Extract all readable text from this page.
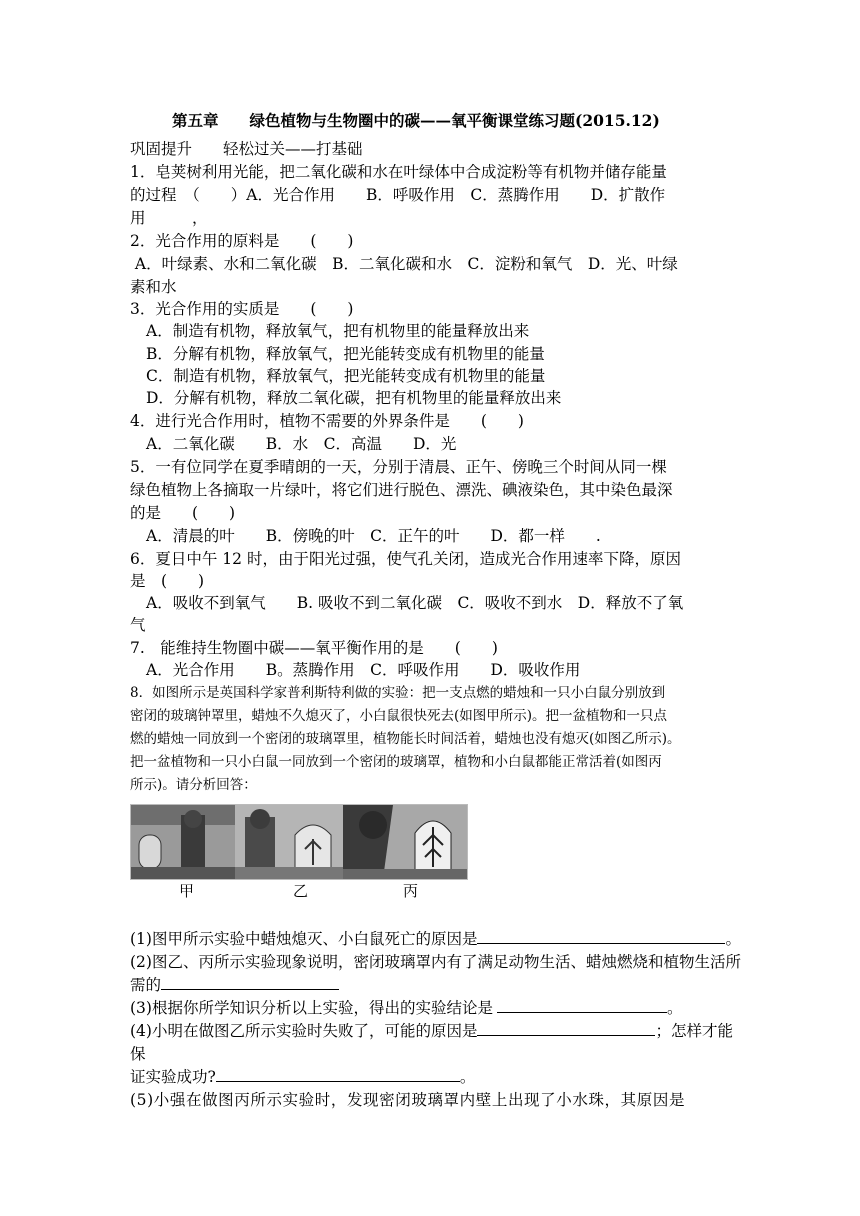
第五章　　绿色植物与生物圈中的碳——氧平衡课堂练习题(2015.12)
巩固提升　　轻松过关——打基础
1．皂荚树利用光能，把二氧化碳和水在叶绿体中合成淀粉等有机物并储存能量
的过程　（　　）A．光合作用　　B．呼吸作用　C．蒸腾作用　　D．扩散作
用　　　，
2．光合作用的原料是　　(　　)
A．叶绿素、水和二氧化碳　B．二氧化碳和水　C．淀粉和氧气　D．光、叶绿
素和水
3．光合作用的实质是　　(　　)
A．制造有机物，释放氧气，把有机物里的能量释放出来
B．分解有机物，释放氧气，把光能转变成有机物里的能量
C．制造有机物，释放氧气，把光能转变成有机物里的能量
D．分解有机物，释放二氧化碳，把有机物里的能量释放出来
4．进行光合作用时，植物不需要的外界条件是　　(　　)
A．二氧化碳　　B．水　C．高温　　D．光
5．一有位同学在夏季晴朗的一天，分别于清晨、正午、傍晚三个时间从同一棵
绿色植物上各摘取一片绿叶，将它们进行脱色、漂洗、碘液染色，其中染色最深
的是　　(　　)
A．清晨的叶　　B．傍晚的叶　C．正午的叶　　D．都一样　　.
6．夏日中午 12 时，由于阳光过强，使气孔关闭，造成光合作用速率下降，原因
是　(　　)
A．吸收不到氧气　　B. 吸收不到二氧化碳　C．吸收不到水　D．释放不了氧
气
7.　能维持生物圈中碳——氧平衡作用的是　　(　　)
A．光合作用　　B。蒸腾作用　C．呼吸作用　　D．吸收作用
8．如图所示是英国科学家普利斯特利做的实验：把一支点燃的蜡烛和一只小白鼠分别放到
密闭的玻璃钟罩里，蜡烛不久熄灭了，小白鼠很快死去(如图甲所示)。把一盆植物和一只点
燃的蜡烛一同放到一个密闭的玻璃罩里，植物能长时间活着，蜡烛也没有熄灭(如图乙所示)。
把一盆植物和一只小白鼠一同放到一个密闭的玻璃罩，植物和小白鼠都能正常活着(如图丙
所示)。请分析回答：
甲	乙	丙
(1)图甲所示实验中蜡烛熄灭、小白鼠死亡的原因是	。
(2)图乙、丙所示实验现象说明，密闭玻璃罩内有了满足动物生活、蜡烛燃烧和植物生活所
需的
(3)根据你所学知识分析以上实验，得出的实验结论是	。
(4)小明在做图乙所示实验时失败了，可能的原因是	；怎样才能
保
证实验成功?	。
(5)小强在做图丙所示实验时，发现密闭玻璃罩内壁上出现了小水珠，其原因是
